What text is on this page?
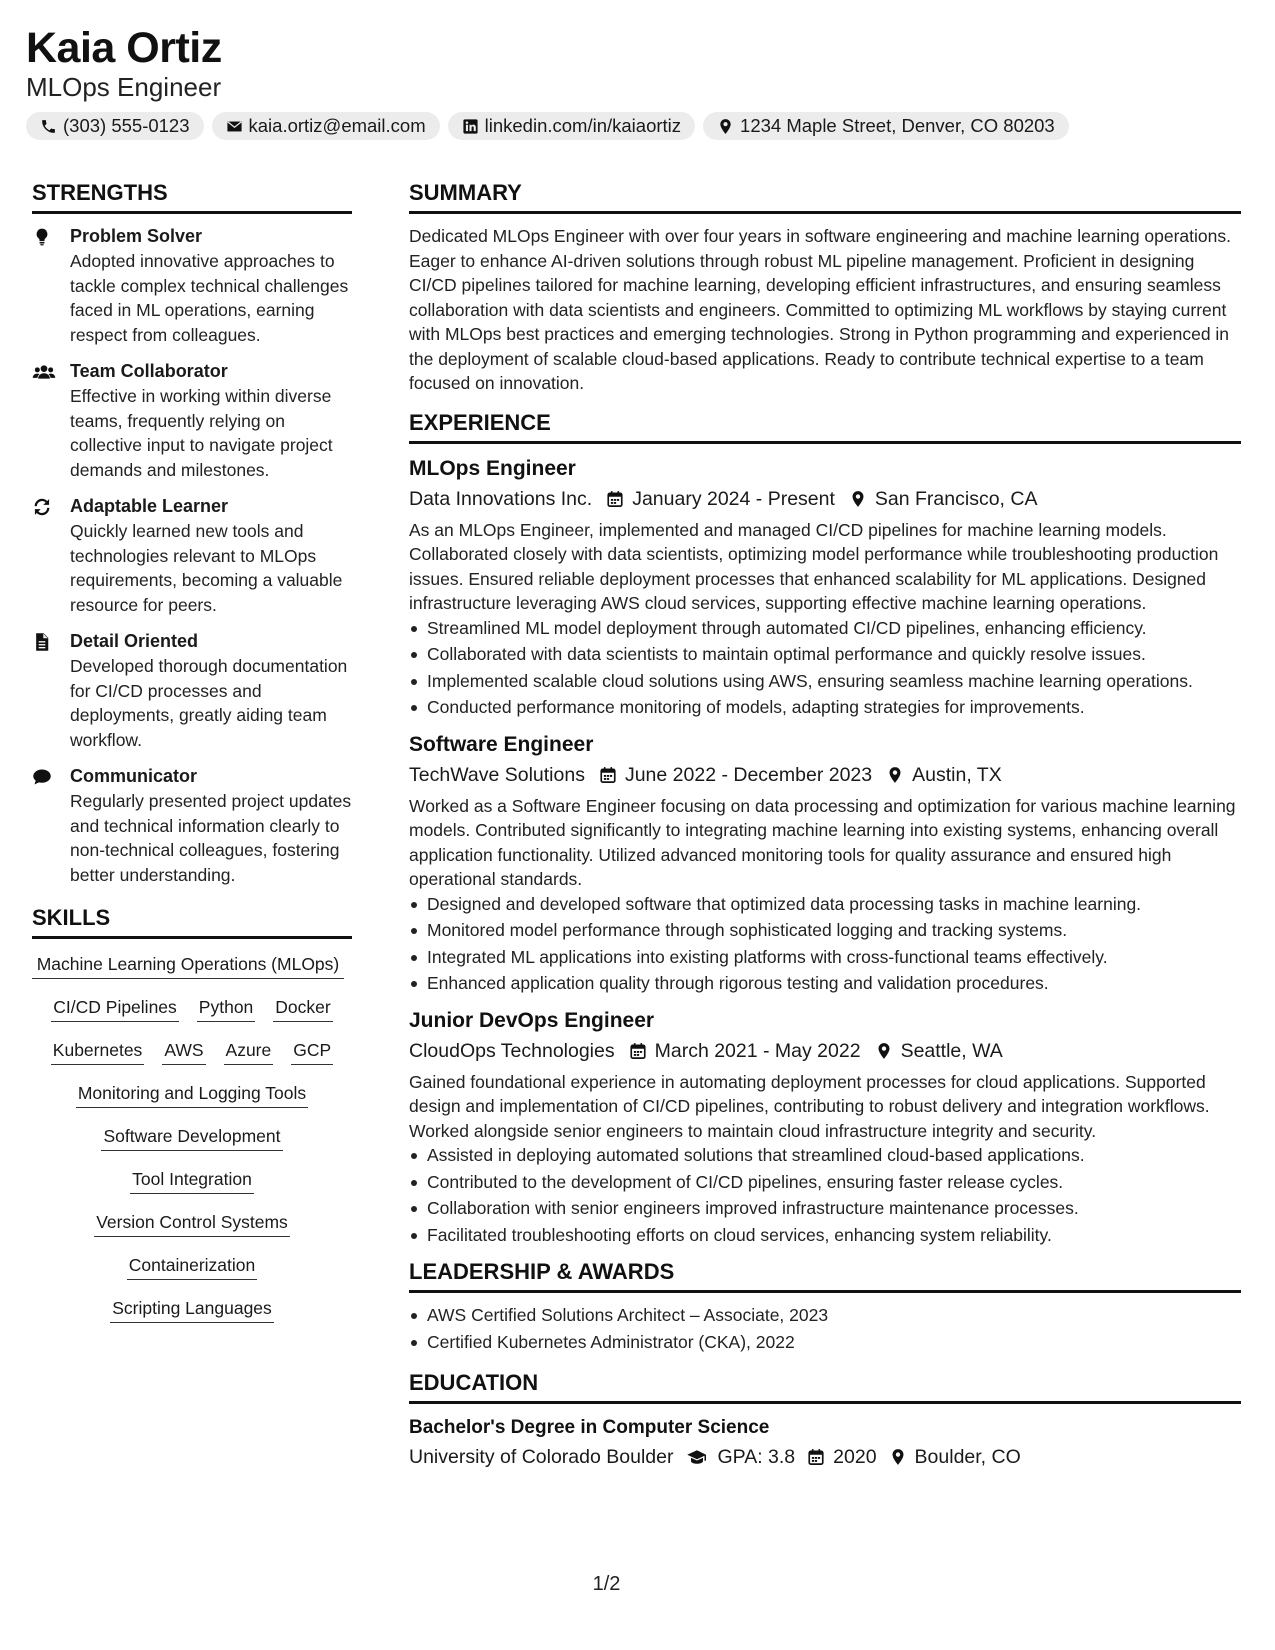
Kaia Ortiz
MLOps Engineer
(303) 555-0123	kaia.ortiz@email.com	linkedin.com/in/kaiaortiz	1234 Maple Street, Denver, CO 80203
STRENGTHS
Problem Solver
Adopted innovative approaches to tackle complex technical challenges faced in ML operations, earning respect from colleagues.
Team Collaborator
Effective in working within diverse teams, frequently relying on collective input to navigate project demands and milestones.
Adaptable Learner
Quickly learned new tools and technologies relevant to MLOps requirements, becoming a valuable resource for peers.
Detail Oriented
Developed thorough documentation for CI/CD processes and deployments, greatly aiding team workflow.
Communicator
Regularly presented project updates and technical information clearly to non-technical colleagues, fostering better understanding.
SKILLS
Machine Learning Operations (MLOps)
CI/CD Pipelines Python Docker
Kubernetes AWS Azure GCP
Monitoring and Logging Tools
Software Development
Tool Integration
Version Control Systems
Containerization
Scripting Languages
SUMMARY
Dedicated MLOps Engineer with over four years in software engineering and machine learning operations. Eager to enhance AI-driven solutions through robust ML pipeline management. Proficient in designing CI/CD pipelines tailored for machine learning, developing efficient infrastructures, and ensuring seamless collaboration with data scientists and engineers. Committed to optimizing ML workflows by staying current with MLOps best practices and emerging technologies. Strong in Python programming and experienced in the deployment of scalable cloud-based applications. Ready to contribute technical expertise to a team focused on innovation.
EXPERIENCE
MLOps Engineer
Data Innovations Inc. January 2024 - Present San Francisco, CA
As an MLOps Engineer, implemented and managed CI/CD pipelines for machine learning models. Collaborated closely with data scientists, optimizing model performance while troubleshooting production issues. Ensured reliable deployment processes that enhanced scalability for ML applications. Designed infrastructure leveraging AWS cloud services, supporting effective machine learning operations.
Streamlined ML model deployment through automated CI/CD pipelines, enhancing efficiency.
Collaborated with data scientists to maintain optimal performance and quickly resolve issues.
Implemented scalable cloud solutions using AWS, ensuring seamless machine learning operations.
Conducted performance monitoring of models, adapting strategies for improvements.
Software Engineer
TechWave Solutions June 2022 - December 2023 Austin, TX
Worked as a Software Engineer focusing on data processing and optimization for various machine learning models. Contributed significantly to integrating machine learning into existing systems, enhancing overall application functionality. Utilized advanced monitoring tools for quality assurance and ensured high operational standards.
Designed and developed software that optimized data processing tasks in machine learning.
Monitored model performance through sophisticated logging and tracking systems.
Integrated ML applications into existing platforms with cross-functional teams effectively.
Enhanced application quality through rigorous testing and validation procedures.
Junior DevOps Engineer
CloudOps Technologies March 2021 - May 2022 Seattle, WA
Gained foundational experience in automating deployment processes for cloud applications. Supported design and implementation of CI/CD pipelines, contributing to robust delivery and integration workflows. Worked alongside senior engineers to maintain cloud infrastructure integrity and security.
Assisted in deploying automated solutions that streamlined cloud-based applications.
Contributed to the development of CI/CD pipelines, ensuring faster release cycles.
Collaboration with senior engineers improved infrastructure maintenance processes.
Facilitated troubleshooting efforts on cloud services, enhancing system reliability.
LEADERSHIP & AWARDS
AWS Certified Solutions Architect – Associate, 2023
Certified Kubernetes Administrator (CKA), 2022
EDUCATION
Bachelor's Degree in Computer Science
University of Colorado Boulder GPA: 3.8 2020 Boulder, CO
1/2
